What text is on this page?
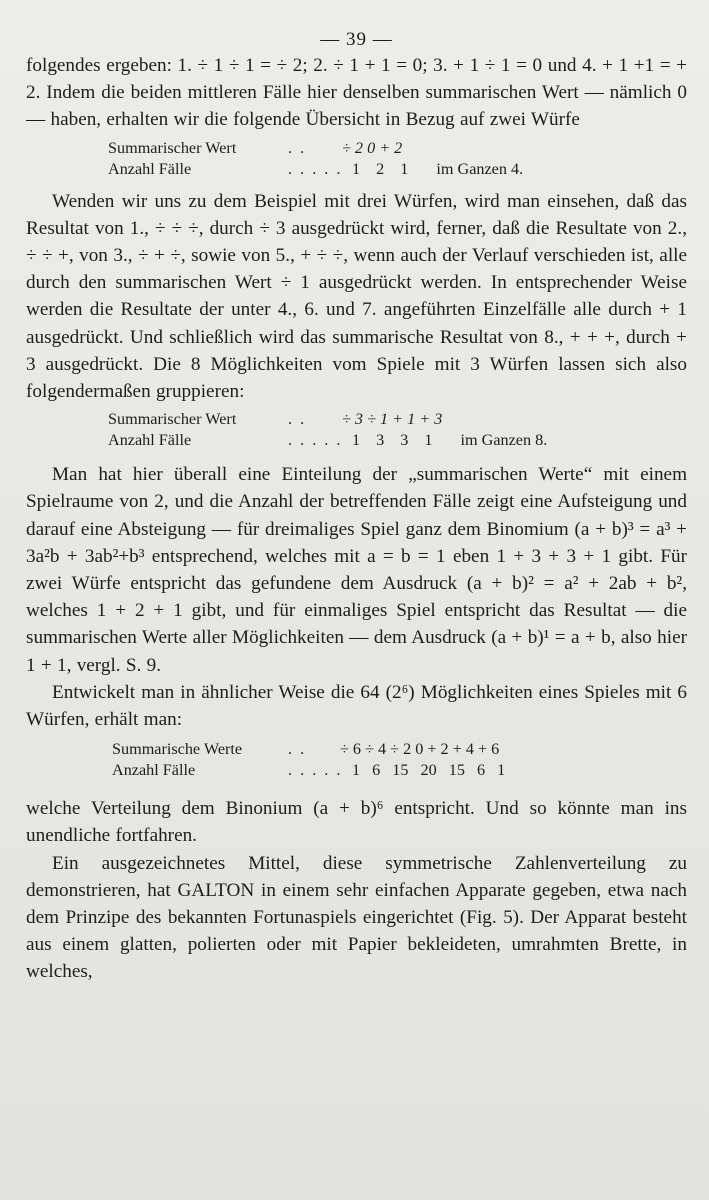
— 39 —

folgendes ergeben: 1. ÷ 1 ÷ 1 = ÷ 2; 2. ÷ 1 + 1 = 0; 3. + 1 ÷ 1 = 0 und 4. + 1 +1 = + 2. Indem die beiden mittleren Fälle hier denselben summarischen Wert — nämlich 0 — haben, erhalten wir die folgende Übersicht in Bezug auf zwei Würfe

Summarischer Wert	. .	÷ 2 0 + 2
Anzahl Fälle	. . . . . 1 2 1 im Ganzen 4.

Wenden wir uns zu dem Beispiel mit drei Würfen, wird man einsehen, daß das Resultat von 1., ÷ ÷ ÷, durch ÷ 3 ausgedrückt wird, ferner, daß die Resultate von 2., ÷ ÷ +, von 3., ÷ + ÷, sowie von 5., + ÷ ÷, wenn auch der Verlauf verschieden ist, alle durch den summarischen Wert ÷ 1 ausgedrückt werden. In entsprechender Weise werden die Resultate der unter 4., 6. und 7. angeführten Einzelfälle alle durch + 1 ausgedrückt. Und schließlich wird das summarische Resultat von 8., + + +, durch + 3 ausgedrückt. Die 8 Möglichkeiten vom Spiele mit 3 Würfen lassen sich also folgendermaßen gruppieren:

Summarischer Wert	. .	÷ 3 ÷ 1 + 1 + 3
Anzahl Fälle	. . . . . 1 3 3 1 im Ganzen 8.

Man hat hier überall eine Einteilung der „summarischen Werte“ mit einem Spielraume von 2, und die Anzahl der betreffenden Fälle zeigt eine Aufsteigung und darauf eine Absteigung — für dreimaliges Spiel ganz dem Binomium (a + b)³ = a³ + 3a²b + 3ab²+b³ entsprechend, welches mit a = b = 1 eben 1 + 3 + 3 + 1 gibt. Für zwei Würfe entspricht das gefundene dem Ausdruck (a + b)² = a² + 2ab + b², welches 1 + 2 + 1 gibt, und für einmaliges Spiel entspricht das Resultat — die summarischen Werte aller Möglichkeiten — dem Ausdruck (a + b)¹ = a + b, also hier 1 + 1, vergl. S. 9.

Entwickelt man in ähnlicher Weise die 64 (2⁶) Möglichkeiten eines Spieles mit 6 Würfen, erhält man:

Summarische Werte	. .	÷ 6 ÷ 4 ÷ 2 0 + 2 + 4 + 6
Anzahl Fälle	. . . . . 1 6 15 20 15 6 1

welche Verteilung dem Binonium (a + b)⁶ entspricht. Und so könnte man ins unendliche fortfahren.

Ein ausgezeichnetes Mittel, diese symmetrische Zahlenverteilung zu demonstrieren, hat GALTON in einem sehr einfachen Apparate gegeben, etwa nach dem Prinzipe des bekannten Fortunaspiels eingerichtet (Fig. 5). Der Apparat besteht aus einem glatten, polierten oder mit Papier bekleideten, umrahmten Brette, in welches,
